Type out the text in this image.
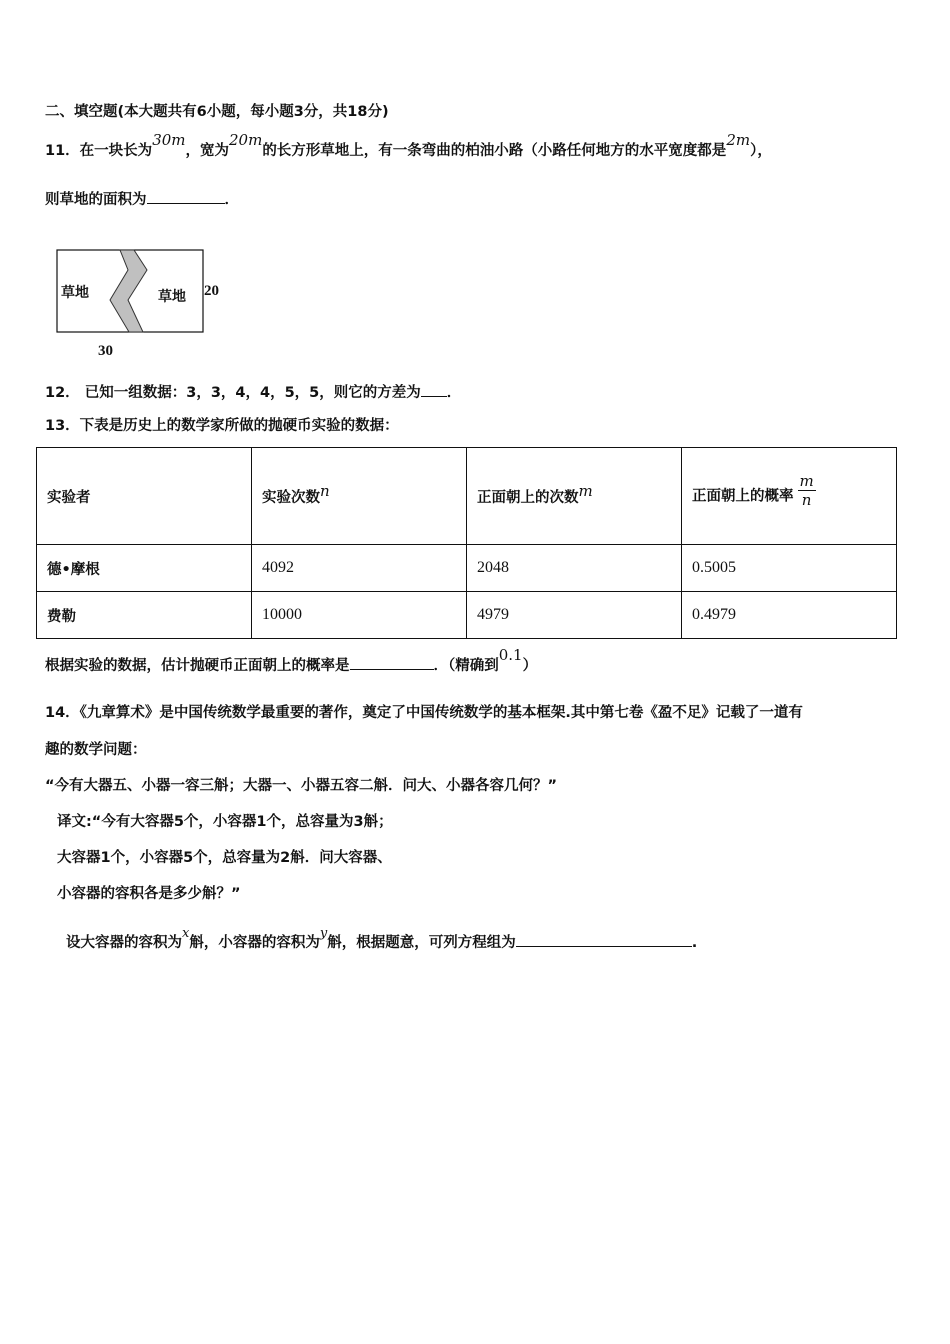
二、填空题(本大题共有6小题，每小题3分，共18分)
11．在一块长为30m，宽为20m的长方形草地上，有一条弯曲的柏油小路（小路任何地方的水平宽度都是2m），
则草地的面积为	．
草地	草地 20
30
12． 已知一组数据：3，3，4，4，5，5，则它的方差为 ．
13．下表是历史上的数学家所做的抛硬币实验的数据：
实验者	实验次数n	正面朝上的次数m	正面朝上的概率 $\frac{m}{n}$
德•摩根	4092	2048	0.5005
费勒	10000	4979	0.4979
根据实验的数据，估计抛硬币正面朝上的概率是	．（精确到0.1）
14．《九章算术》是中国传统数学最重要的著作，奠定了中国传统数学的基本框架.其中第七卷《盈不足》记载了一道有
趣的数学问题：
“今有大器五、小器一容三斛；大器一、小器五容二斛．问大、小器各容几何？”
译文:“今有大容器5个，小容器1个，总容量为3斛；
大容器1个，小容器5个，总容量为2斛．问大容器、
小容器的容积各是多少斛？”
设大容器的容积为x斛，小容器的容积为y斛，根据题意，可列方程组为	.
